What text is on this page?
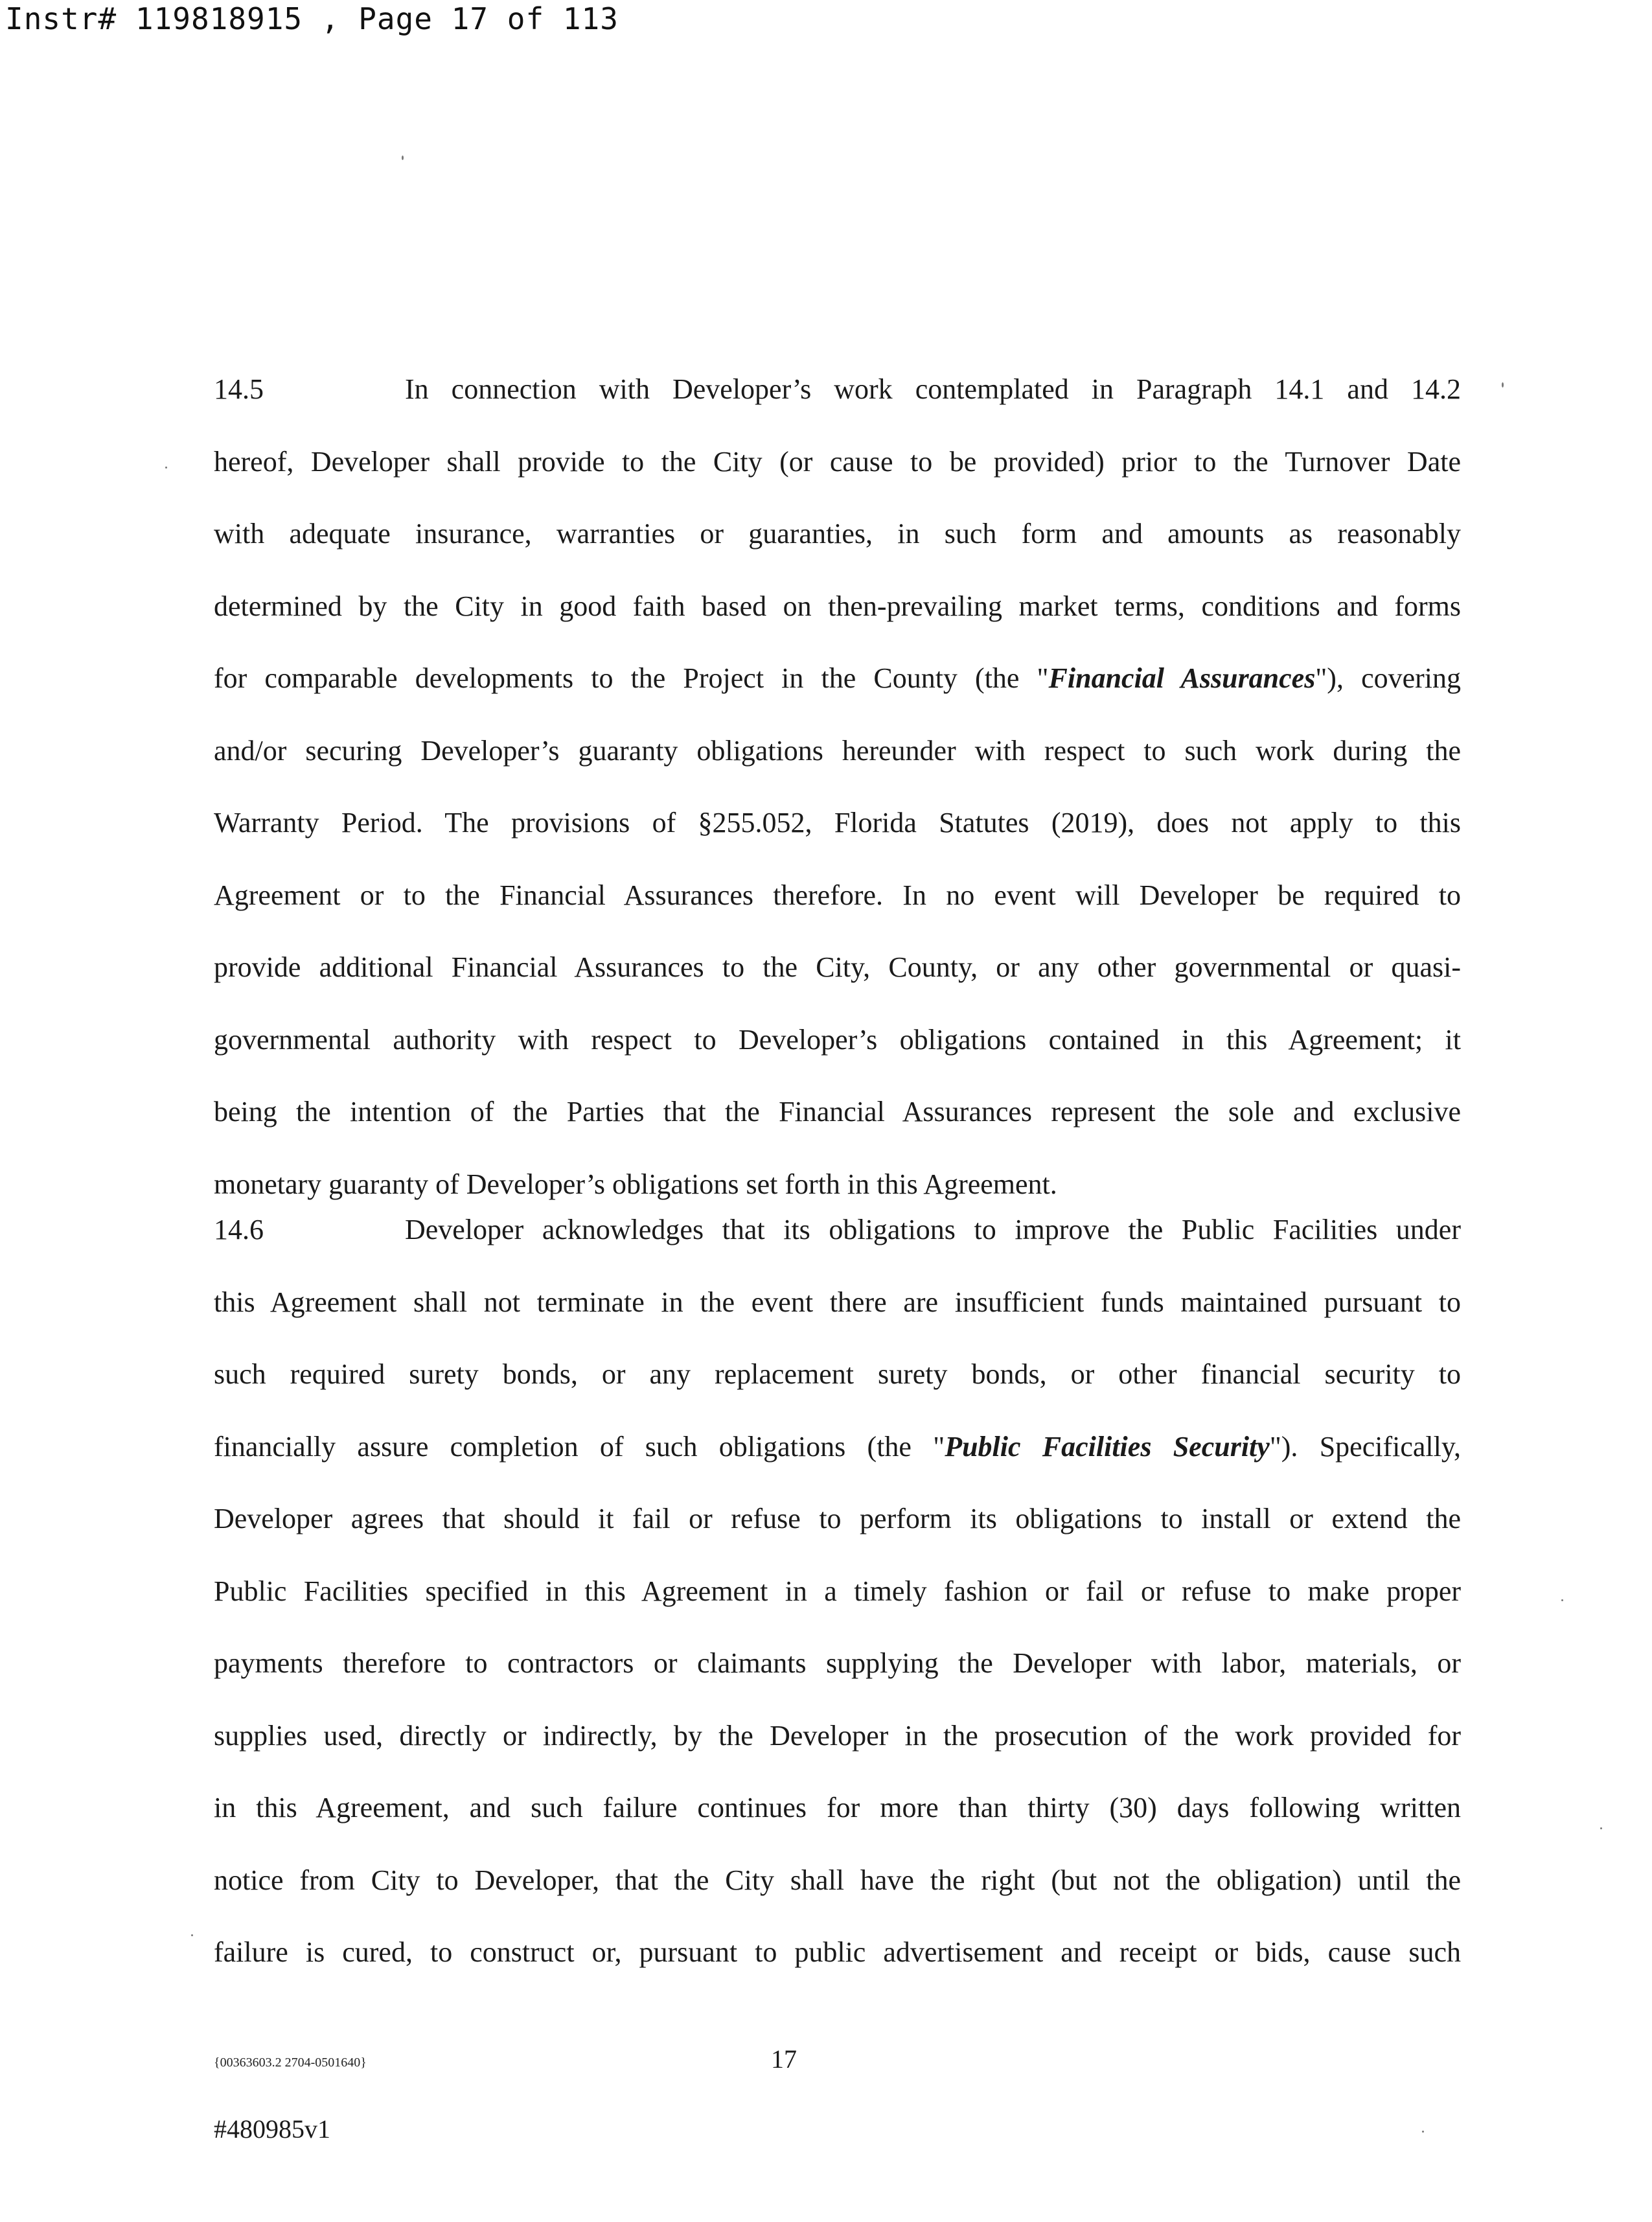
Instr# 119818915 , Page 17 of 113
14.5	In connection with Developer’s work contemplated in Paragraph 14.1 and 14.2
hereof, Developer shall provide to the City (or cause to be provided) prior to the Turnover Date
with adequate insurance, warranties or guaranties, in such form and amounts as reasonably
determined by the City in good faith based on then-prevailing market terms, conditions and forms
for comparable developments to the Project in the County (the "Financial Assurances"), covering
and/or securing Developer’s guaranty obligations hereunder with respect to such work during the
Warranty Period. The provisions of §255.052, Florida Statutes (2019), does not apply to this
Agreement or to the Financial Assurances therefore. In no event will Developer be required to
provide additional Financial Assurances to the City, County, or any other governmental or quasi-
governmental authority with respect to Developer’s obligations contained in this Agreement; it
being the intention of the Parties that the Financial Assurances represent the sole and exclusive
monetary guaranty of Developer’s obligations set forth in this Agreement.
14.6	Developer acknowledges that its obligations to improve the Public Facilities under
this Agreement shall not terminate in the event there are insufficient funds maintained pursuant to
such required surety bonds, or any replacement surety bonds, or other financial security to
financially assure completion of such obligations (the "Public Facilities Security"). Specifically,
Developer agrees that should it fail or refuse to perform its obligations to install or extend the
Public Facilities specified in this Agreement in a timely fashion or fail or refuse to make proper
payments therefore to contractors or claimants supplying the Developer with labor, materials, or
supplies used, directly or indirectly, by the Developer in the prosecution of the work provided for
in this Agreement, and such failure continues for more than thirty (30) days following written
notice from City to Developer, that the City shall have the right (but not the obligation) until the
failure is cured, to construct or, pursuant to public advertisement and receipt or bids, cause such
{00363603.2 2704-0501640}	17
#480985v1
